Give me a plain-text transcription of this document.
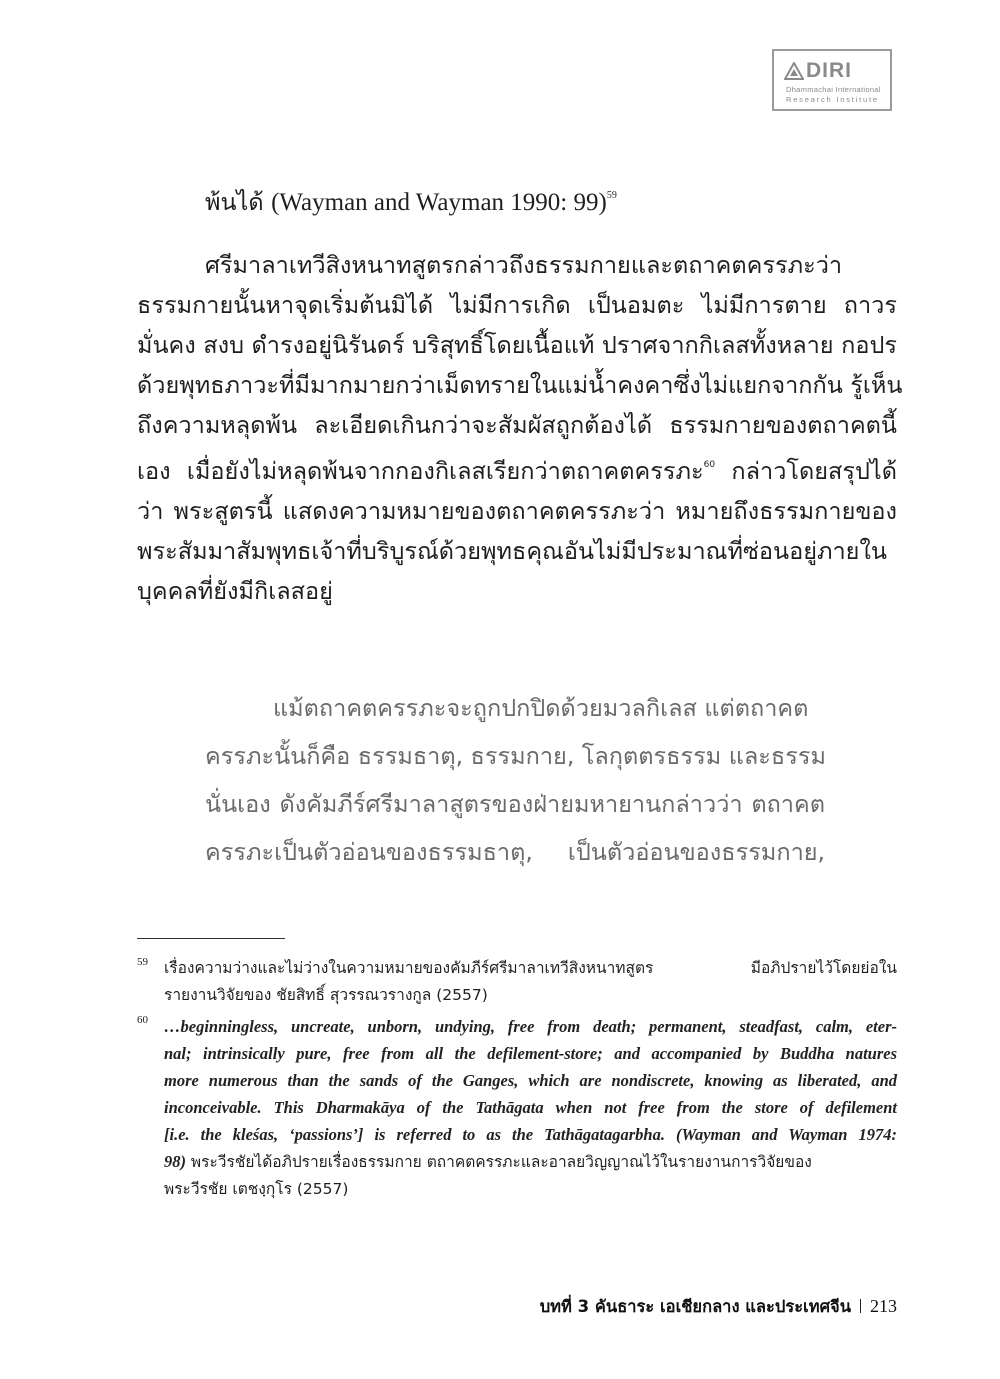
DIRI
Dhammachai International
Research Institute
พ้นได้ (Wayman and Wayman 1990: 99)$^{59}$

ศรีมาลาเทวีสิงหนาทสูตรกล่าวถึงธรรมกายและตถาคตครรภะว่า

ธรรมกายนั้นหาจุดเริ่มต้นมิได้ ไม่มีการเกิด เป็นอมตะ ไม่มีการตาย ถาวร

มั่นคง สงบ ดำรงอยู่นิรันดร์ บริสุทธิ์โดยเนื้อแท้ ปราศจากกิเลสทั้งหลาย กอปร

ด้วยพุทธภาวะที่มีมากมายกว่าเม็ดทรายในแม่น้ำคงคาซึ่งไม่แยกจากกัน รู้เห็น

ถึงความหลุดพ้น ละเอียดเกินกว่าจะสัมผัสถูกต้องได้ ธรรมกายของตถาคตนี้

เอง เมื่อยังไม่หลุดพ้นจากกองกิเลสเรียกว่าตถาคตครรภะ$^{60}$ กล่าวโดยสรุปได้

ว่า พระสูตรนี้ แสดงความหมายของตถาคตครรภะว่า หมายถึงธรรมกายของ

พระสัมมาสัมพุทธเจ้าที่บริบูรณ์ด้วยพุทธคุณอันไม่มีประมาณที่ซ่อนอยู่ภายใน

บุคคลที่ยังมีกิเลสอยู่

แม้ตถาคตครรภะจะถูกปกปิดด้วยมวลกิเลส แต่ตถาคต

ครรภะนั้นก็คือ ธรรมธาตุ, ธรรมกาย, โลกุตตรธรรม และธรรม

นั่นเอง ดังคัมภีร์ศรีมาลาสูตรของฝ่ายมหายานกล่าวว่า ตถาคต

ครรภะเป็นตัวอ่อนของธรรมธาตุ, เป็นตัวอ่อนของธรรมกาย,

59 เรื่องความว่างและไม่ว่างในความหมายของคัมภีร์ศรีมาลาเทวีสิงหนาทสูตร มีอภิปรายไว้โดยย่อใน

รายงานวิจัยของ ชัยสิทธิ์ สุวรรณวรางกูล (2557)

60 …beginningless, uncreate, unborn, undying, free from death; permanent, steadfast, calm, eter-

nal; intrinsically pure, free from all the defilement-store; and accompanied by Buddha natures

more numerous than the sands of the Ganges, which are nondiscrete, knowing as liberated, and

inconceivable. This Dharmakāya of the Tathāgata when not free from the store of defilement

[i.e. the kleśas, ‘passions’] is referred to as the Tathāgatagarbha. (Wayman and Wayman 1974:

98) พระวีรชัยได้อภิปรายเรื่องธรรมกาย ตถาคตครรภะและอาลยวิญญาณไว้ในรายงานการวิจัยของ

พระวีรชัย เตชงฺกุโร (2557)

บทที่ 3 คันธาระ เอเชียกลาง และประเทศจีน 213
